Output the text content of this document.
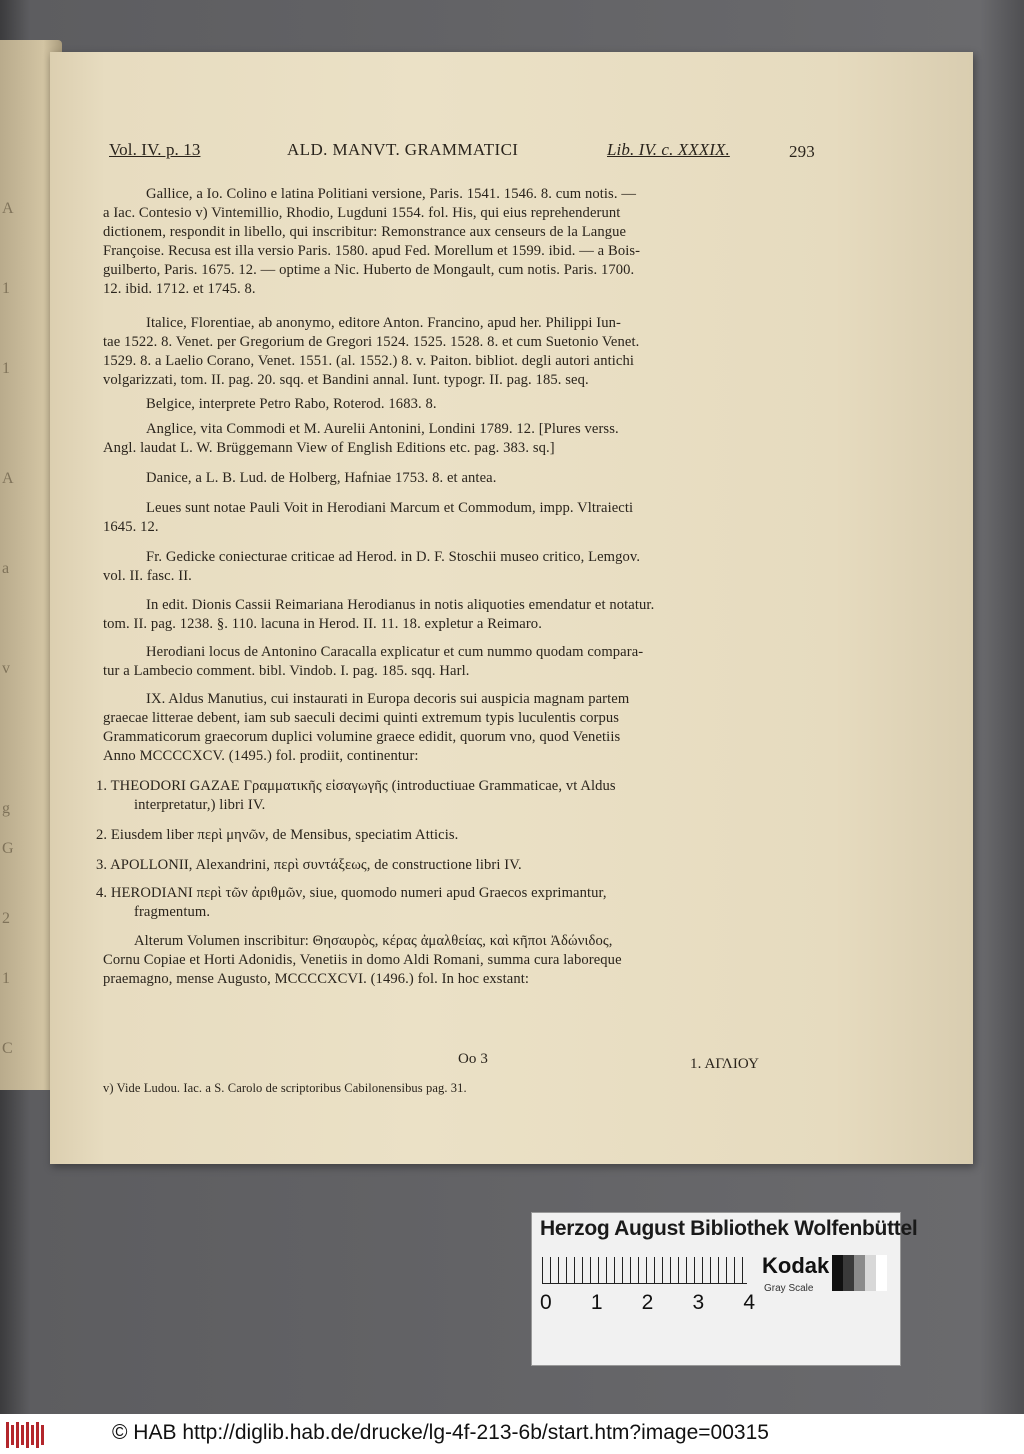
A
1
1
A
a
v
g
G
2
1
C
Vol. IV. p. 13	ALD. MANVT. GRAMMATICI	Lib. IV. c. XXXIX.	293
Gallice, a Io. Colino e latina Politiani versione, Paris. 1541. 1546. 8. cum notis. —
a Iac. Contesio v) Vintemillio, Rhodio, Lugduni 1554. fol. His, qui eius reprehenderunt
dictionem, respondit in libello, qui inscribitur: Remonstrance aux censeurs de la Langue
Françoise. Recusa est illa versio Paris. 1580. apud Fed. Morellum et 1599. ibid. — a Bois-
guilberto, Paris. 1675. 12. — optime a Nic. Huberto de Mongault, cum notis. Paris. 1700.
12. ibid. 1712. et 1745. 8.
Italice, Florentiae, ab anonymo, editore Anton. Francino, apud her. Philippi Iun-
tae 1522. 8. Venet. per Gregorium de Gregori 1524. 1525. 1528. 8. et cum Suetonio Venet.
1529. 8. a Laelio Corano, Venet. 1551. (al. 1552.) 8. v. Paiton. bibliot. degli autori antichi
volgarizzati, tom. II. pag. 20. sqq. et Bandini annal. Iunt. typogr. II. pag. 185. seq.
Belgice, interprete Petro Rabo, Roterod. 1683. 8.
Anglice, vita Commodi et M. Aurelii Antonini, Londini 1789. 12. [Plures verss.
Angl. laudat L. W. Brüggemann View of English Editions etc. pag. 383. sq.]
Danice, a L. B. Lud. de Holberg, Hafniae 1753. 8. et antea.
Leues sunt notae Pauli Voit in Herodiani Marcum et Commodum, impp. Vltraiecti
1645. 12.
Fr. Gedicke coniecturae criticae ad Herod. in D. F. Stoschii museo critico, Lemgov.
vol. II. fasc. II.
In edit. Dionis Cassii Reimariana Herodianus in notis aliquoties emendatur et notatur.
tom. II. pag. 1238. §. 110. lacuna in Herod. II. 11. 18. expletur a Reimaro.
Herodiani locus de Antonino Caracalla explicatur et cum nummo quodam compara-
tur a Lambecio comment. bibl. Vindob. I. pag. 185. sqq. Harl.
IX. Aldus Manutius, cui instaurati in Europa decoris sui auspicia magnam partem
graecae litterae debent, iam sub saeculi decimi quinti extremum typis luculentis corpus
Grammaticorum graecorum duplici volumine graece edidit, quorum vno, quod Venetiis
Anno MCCCCXCV. (1495.) fol. prodiit, continentur:
1. THEODORI GAZAE Γραμματικῆς εἰσαγωγῆς (introductiuae Grammaticae, vt Aldus
interpretatur,) libri IV.
2. Eiusdem liber περὶ μηνῶν, de Mensibus, speciatim Atticis.
3. APOLLONII, Alexandrini, περὶ συντάξεως, de constructione libri IV.
4. HERODIANI περὶ τῶν ἀριθμῶν, siue, quomodo numeri apud Graecos exprimantur,
fragmentum.
Alterum Volumen inscribitur: Θησαυρὸς, κέρας ἀμαλθείας, καὶ κῆποι Ἀδώνιδος,
Cornu Copiae et Horti Adonidis, Venetiis in domo Aldi Romani, summa cura laboreque
praemagno, mense Augusto, MCCCCXCVI. (1496.) fol. In hoc exstant:
Oo 3	1. ΑΓΛΙΟΥ
v) Vide Ludou. Iac. a S. Carolo de scriptoribus Cabilonensibus pag. 31.
Herzog August Bibliothek Wolfenbüttel
0 1 2 3 4
Kodak
Gray Scale
© HAB http://diglib.hab.de/drucke/lg-4f-213-6b/start.htm?image=00315
